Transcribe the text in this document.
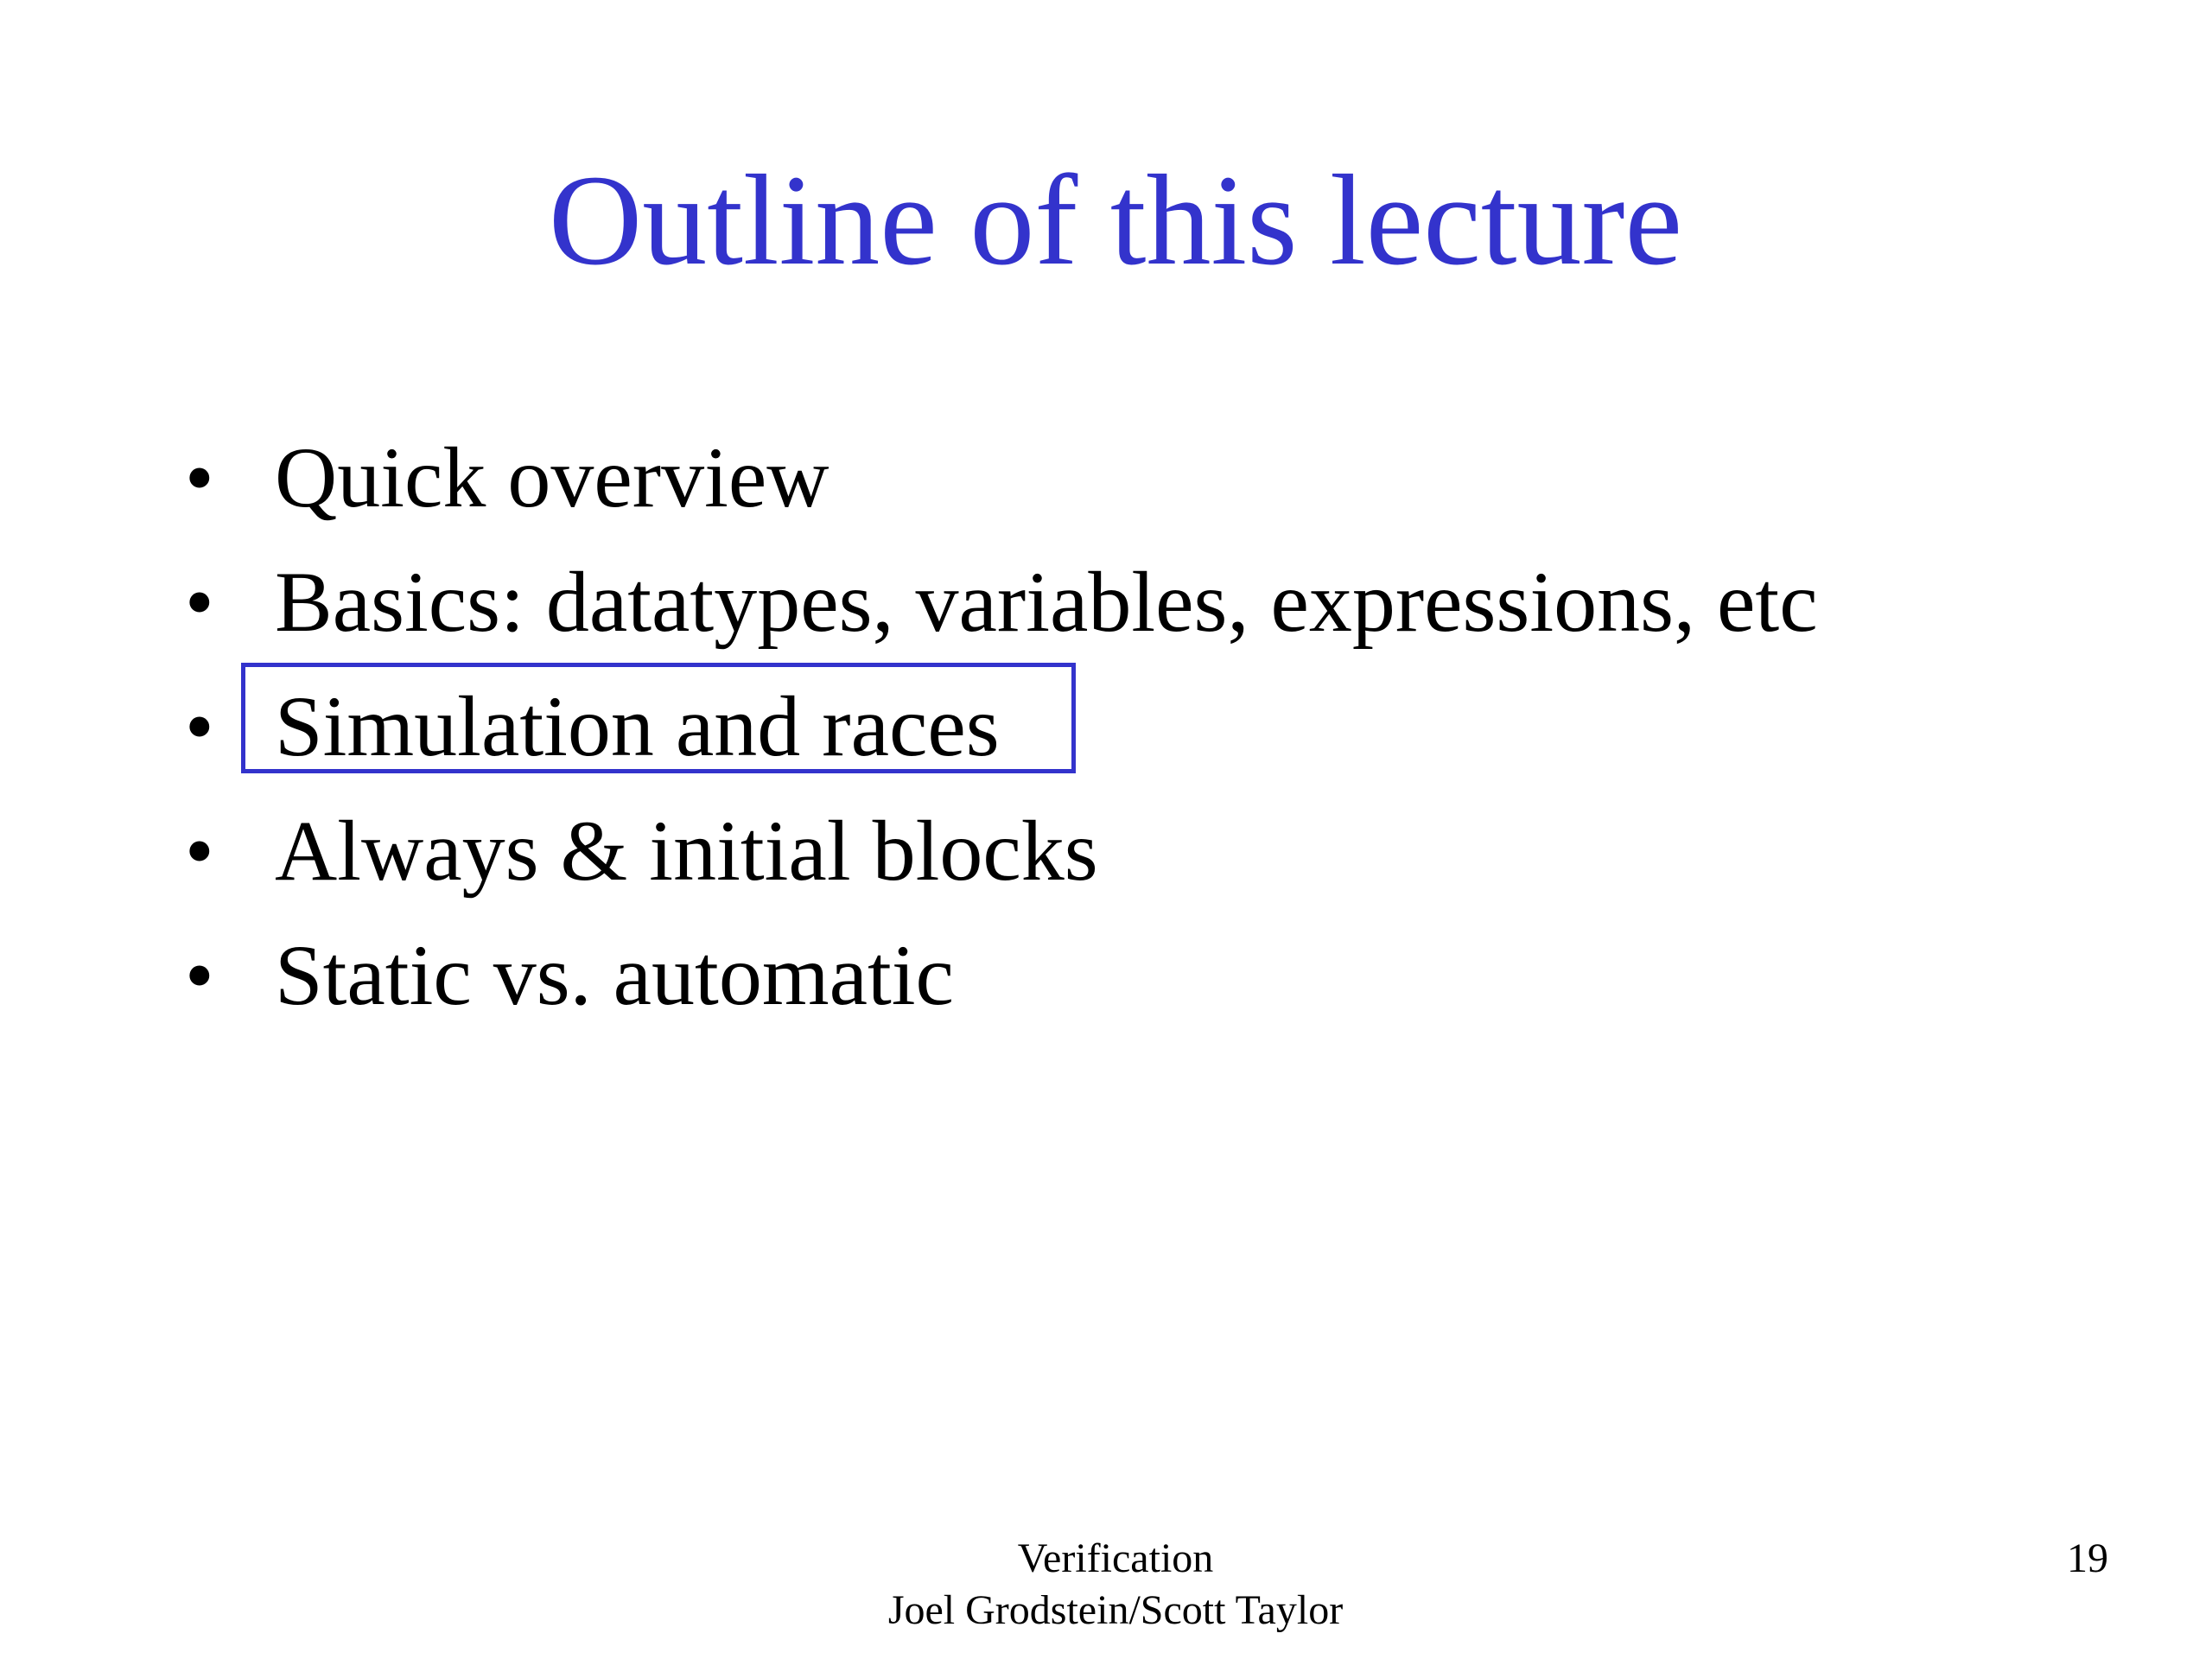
Outline of this lecture
• Quick overview
• Basics: datatypes, variables, expressions, etc
• Simulation and races
• Always & initial blocks
• Static vs. automatic
Verification
Joel Grodstein/Scott Taylor
19
